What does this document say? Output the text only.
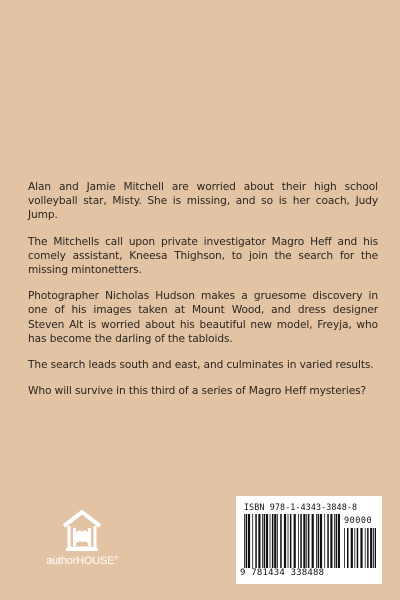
Alan and Jamie Mitchell are worried about their high school volleyball star, Misty. She is missing, and so is her coach, Judy Jump.

The Mitchells call upon private investigator Magro Heff and his comely assistant, Kneesa Thighson, to join the search for the missing mintonetters.

Photographer Nicholas Hudson makes a gruesome discovery in one of his images taken at Mount Wood, and dress designer Steven Alt is worried about his beautiful new model, Freyja, who has become the darling of the tabloids.

The search leads south and east, and culminates in varied results.

Who will survive in this third of a series of Magro Heff mysteries?

authorHOUSE®
ISBN 978-1-4343-3848-8
90000
9 781434 338488
